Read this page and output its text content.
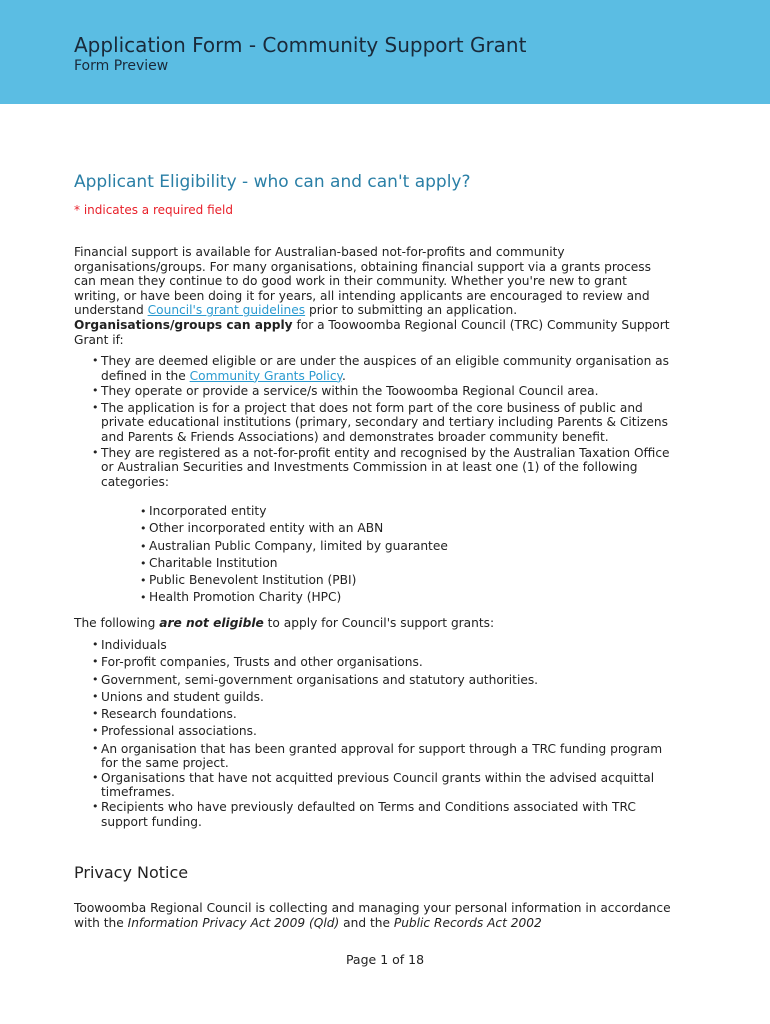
Application Form - Community Support Grant
Form Preview
Applicant Eligibility - who can and can't apply?
* indicates a required field
Financial support is available for Australian-based not-for-profits and community organisations/groups. For many organisations, obtaining financial support via a grants process can mean they continue to do good work in their community. Whether you're new to grant writing, or have been doing it for years, all intending applicants are encouraged to review and understand Council's grant guidelines prior to submitting an application.
Organisations/groups can apply for a Toowoomba Regional Council (TRC) Community Support Grant if:
• They are deemed eligible or are under the auspices of an eligible community organisation as defined in the Community Grants Policy.
• They operate or provide a service/s within the Toowoomba Regional Council area.
• The application is for a project that does not form part of the core business of public and private educational institutions (primary, secondary and tertiary including Parents & Citizens and Parents & Friends Associations) and demonstrates broader community benefit.
• They are registered as a not-for-profit entity and recognised by the Australian Taxation Office or Australian Securities and Investments Commission in at least one (1) of the following categories:
• Incorporated entity
• Other incorporated entity with an ABN
• Australian Public Company, limited by guarantee
• Charitable Institution
• Public Benevolent Institution (PBI)
• Health Promotion Charity (HPC)
The following are not eligible to apply for Council's support grants:
• Individuals
• For-profit companies, Trusts and other organisations.
• Government, semi-government organisations and statutory authorities.
• Unions and student guilds.
• Research foundations.
• Professional associations.
• An organisation that has been granted approval for support through a TRC funding program for the same project.
• Organisations that have not acquitted previous Council grants within the advised acquittal timeframes.
• Recipients who have previously defaulted on Terms and Conditions associated with TRC support funding.
Privacy Notice
Toowoomba Regional Council is collecting and managing your personal information in accordance with the Information Privacy Act 2009 (Qld) and the Public Records Act 2002
Page 1 of 18
